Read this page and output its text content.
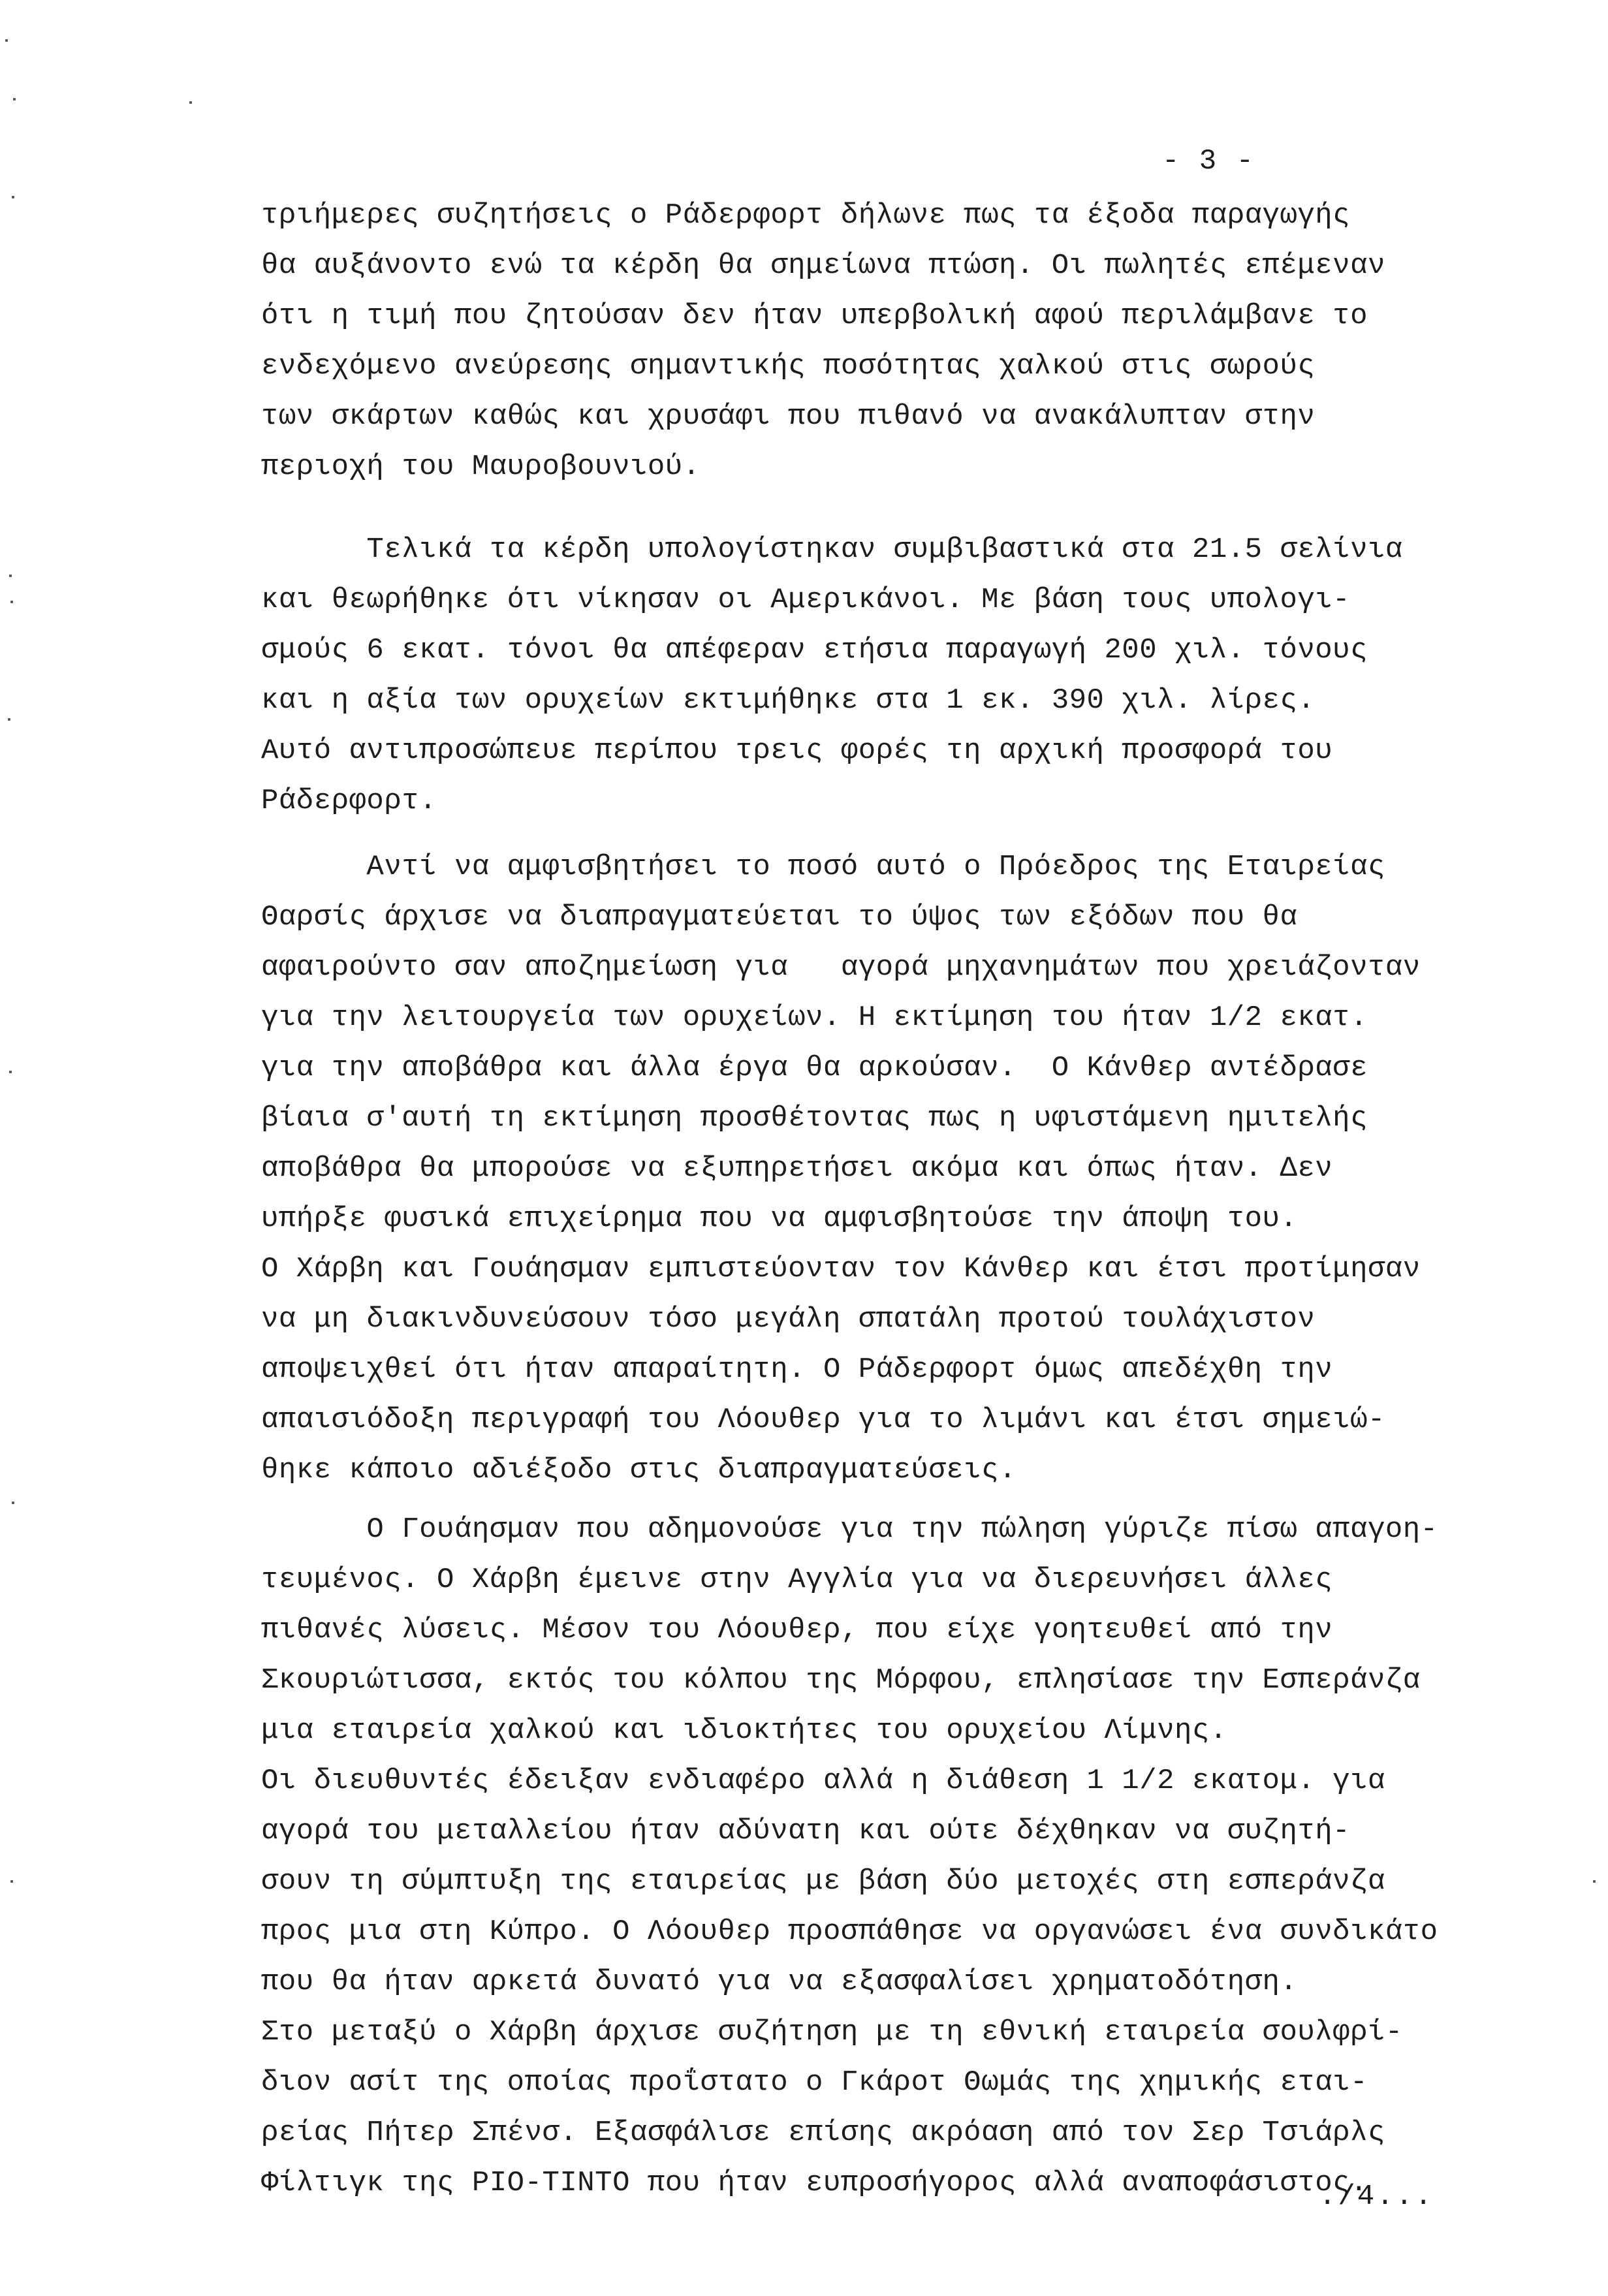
- 3 -
τριήμερες συζητήσεις ο Ράδερφορτ δήλωνε πως τα έξοδα παραγωγής
θα αυξάνοντο ενώ τα κέρδη θα σημείωνα πτώση. Οι πωλητές επέμεναν
ότι η τιμή που ζητούσαν δεν ήταν υπερβολική αφού περιλάμβανε το
ενδεχόμενο ανεύρεσης σημαντικής ποσότητας χαλκού στις σωρούς
των σκάρτων καθώς και χρυσάφι που πιθανό να ανακάλυπταν στην
περιοχή του Μαυροβουνιού.
Τελικά τα κέρδη υπολογίστηκαν συμβιβαστικά στα 21.5 σελίνια
και θεωρήθηκε ότι νίκησαν οι Αμερικάνοι. Με βάση τους υπολογι-
σμούς 6 εκατ. τόνοι θα απέφεραν ετήσια παραγωγή 200 χιλ. τόνους
και η αξία των ορυχείων εκτιμήθηκε στα 1 εκ. 390 χιλ. λίρες.
Αυτό αντιπροσώπευε περίπου τρεις φορές τη αρχική προσφορά του
Ράδερφορτ.
Αντί να αμφισβητήσει το ποσό αυτό ο Πρόεδρος της Εταιρείας
Θαρσίς άρχισε να διαπραγματεύεται το ύψος των εξόδων που θα
αφαιρούντο σαν αποζημείωση για   αγορά μηχανημάτων που χρειάζονταν
για την λειτουργεία των ορυχείων. Η εκτίμηση του ήταν 1/2 εκατ.
για την αποβάθρα και άλλα έργα θα αρκούσαν.  Ο Κάνθερ αντέδρασε
βίαια σ'αυτή τη εκτίμηση προσθέτοντας πως η υφιστάμενη ημιτελής
αποβάθρα θα μπορούσε να εξυπηρετήσει ακόμα και όπως ήταν. Δεν
υπήρξε φυσικά επιχείρημα που να αμφισβητούσε την άποψη του.
Ο Χάρβη και Γουάησμαν εμπιστεύονταν τον Κάνθερ και έτσι προτίμησαν
να μη διακινδυνεύσουν τόσο μεγάλη σπατάλη προτού τουλάχιστον
αποψειχθεί ότι ήταν απαραίτητη. Ο Ράδερφορτ όμως απεδέχθη την
απαισιόδοξη περιγραφή του Λόουθερ για το λιμάνι και έτσι σημειώ-
θηκε κάποιο αδιέξοδο στις διαπραγματεύσεις.
Ο Γουάησμαν που αδημονούσε για την πώληση γύριζε πίσω απαγοη-
τευμένος. Ο Χάρβη έμεινε στην Αγγλία για να διερευνήσει άλλες
πιθανές λύσεις. Μέσον του Λόουθερ, που είχε γοητευθεί από την
Σκουριώτισσα, εκτός του κόλπου της Μόρφου, επλησίασε την Εσπεράνζα
μια εταιρεία χαλκού και ιδιοκτήτες του ορυχείου Λίμνης.
Οι διευθυντές έδειξαν ενδιαφέρο αλλά η διάθεση 1 1/2 εκατομ. για
αγορά του μεταλλείου ήταν αδύνατη και ούτε δέχθηκαν να συζητή-
σουν τη σύμπτυξη της εταιρείας με βάση δύο μετοχές στη εσπεράνζα
προς μια στη Κύπρο. Ο Λόουθερ προσπάθησε να οργανώσει ένα συνδικάτο
που θα ήταν αρκετά δυνατό για να εξασφαλίσει χρηματοδότηση.
Στο μεταξύ ο Χάρβη άρχισε συζήτηση με τη εθνική εταιρεία σουλφρί-
διον ασίτ της οποίας προΐστατο ο Γκάροτ Θωμάς της χημικής εται-
ρείας Πήτερ Σπένσ. Εξασφάλισε επίσης ακρόαση από τον Σερ Τσιάρλς
Φίλτιγκ της ΡΙΟ-ΤΙΝΤΟ που ήταν ευπροσήγορος αλλά αναποφάσιστος.
./4...
